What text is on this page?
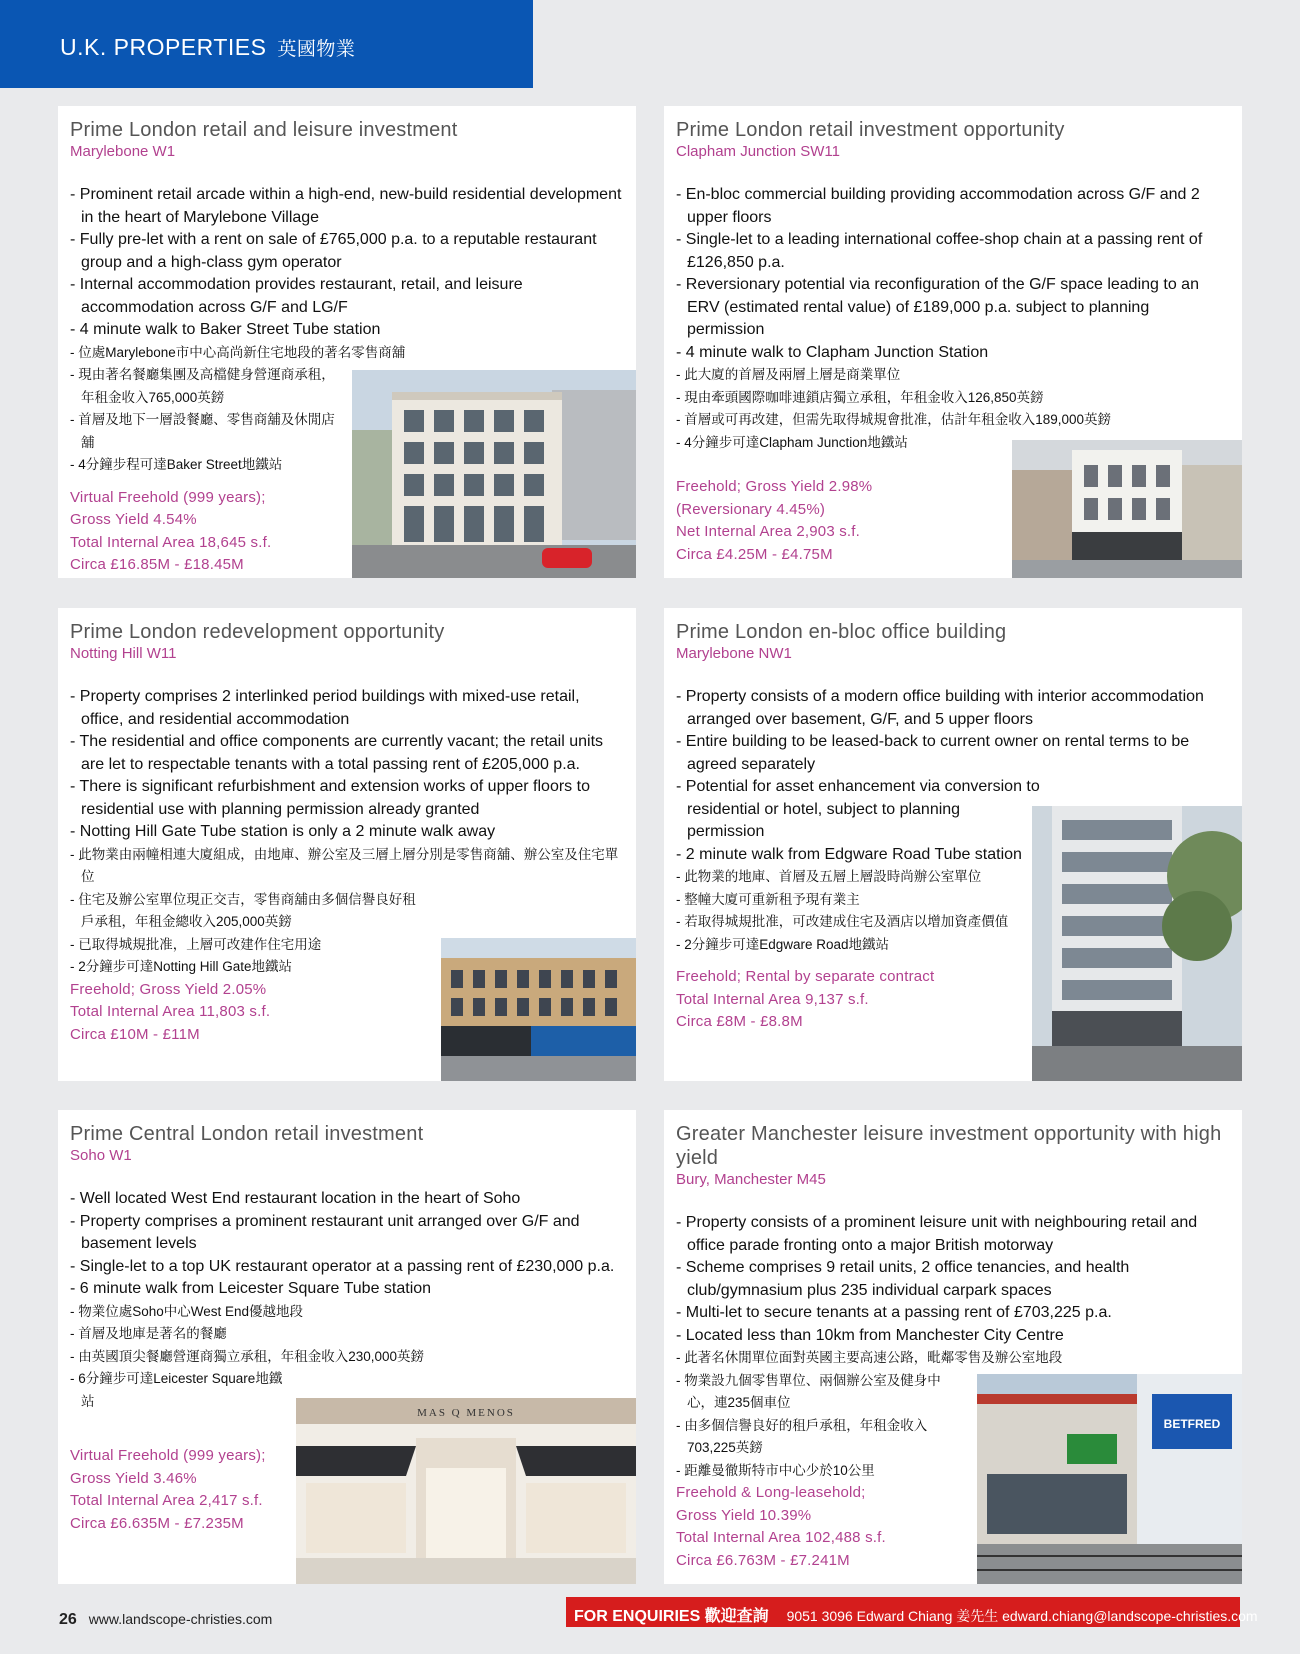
U.K. PROPERTIES 英國物業
Prime London retail and leisure investment
Marylebone W1
- Prominent retail arcade within a high-end, new-build residential development in the heart of Marylebone Village
- Fully pre-let with a rent on sale of £765,000 p.a. to a reputable restaurant group and a high-class gym operator
- Internal accommodation provides restaurant, retail, and leisure accommodation across G/F and LG/F
- 4 minute walk to Baker Street Tube station
- 位處Marylebone市中心高尚新住宅地段的著名零售商舖
- 現由著名餐廳集團及高檔健身營運商承租，年租金收入765,000英鎊
- 首層及地下一層設餐廳、零售商舖及休閒店舖
- 4分鐘步程可達Baker Street地鐵站
Virtual Freehold (999 years);
Gross Yield 4.54%
Total Internal Area 18,645 s.f.
Circa £16.85M - £18.45M
Prime London retail investment opportunity
Clapham Junction SW11
- En-bloc commercial building providing accommodation across G/F and 2 upper floors
- Single-let to a leading international coffee-shop chain at a passing rent of £126,850 p.a.
- Reversionary potential via reconfiguration of the G/F space leading to an ERV (estimated rental value) of £189,000 p.a. subject to planning permission
- 4 minute walk to Clapham Junction Station
- 此大廈的首層及兩層上層是商業單位
- 現由牽頭國際咖啡連鎖店獨立承租，年租金收入126,850英鎊
- 首層或可再改建，但需先取得城規會批准，估計年租金收入189,000英鎊
- 4分鐘步可達Clapham Junction地鐵站
Freehold; Gross Yield 2.98%
(Reversionary 4.45%)
Net Internal Area 2,903 s.f.
Circa £4.25M - £4.75M
Prime London redevelopment opportunity
Notting Hill W11
- Property comprises 2 interlinked period buildings with mixed-use retail, office, and residential accommodation
- The residential and office components are currently vacant; the retail units are let to respectable tenants with a total passing rent of £205,000 p.a.
- There is significant refurbishment and extension works of upper floors to residential use with planning permission already granted
- Notting Hill Gate Tube station is only a 2 minute walk away
- 此物業由兩幢相連大廈組成，由地庫、辦公室及三層上層分別是零售商舖、辦公室及住宅單位
- 住宅及辦公室單位現正交吉，零售商舖由多個信譽良好租戶承租，年租金總收入205,000英鎊
- 已取得城規批准，上層可改建作住宅用途
- 2分鐘步可達Notting Hill Gate地鐵站
Freehold; Gross Yield 2.05%
Total Internal Area 11,803 s.f.
Circa £10M - £11M
Prime London en-bloc office building
Marylebone NW1
- Property consists of a modern office building with interior accommodation arranged over basement, G/F, and 5 upper floors
- Entire building to be leased-back to current owner on rental terms to be agreed separately
- Potential for asset enhancement via conversion to residential or hotel, subject to planning permission
- 2 minute walk from Edgware Road Tube station
- 此物業的地庫、首層及五層上層設時尚辦公室單位
- 整幢大廈可重新租予現有業主
- 若取得城規批准，可改建成住宅及酒店以增加資產價值
- 2分鐘步可達Edgware Road地鐵站
Freehold; Rental by separate contract
Total Internal Area 9,137 s.f.
Circa £8M - £8.8M
Prime Central London retail investment
Soho W1
- Well located West End restaurant location in the heart of Soho
- Property comprises a prominent restaurant unit arranged over G/F and basement levels
- Single-let to a top UK restaurant operator at a passing rent of £230,000 p.a.
- 6 minute walk from Leicester Square Tube station
- 物業位處Soho中心West End優越地段
- 首層及地庫是著名的餐廳
- 由英國頂尖餐廳營運商獨立承租，年租金收入230,000英鎊
- 6分鐘步可達Leicester Square地鐵站
Virtual Freehold (999 years);
Gross Yield 3.46%
Total Internal Area 2,417 s.f.
Circa £6.635M - £7.235M
MAS Q MENOS
Greater Manchester leisure investment opportunity with high yield
Bury, Manchester M45
- Property consists of a prominent leisure unit with neighbouring retail and office parade fronting onto a major British motorway
- Scheme comprises 9 retail units, 2 office tenancies, and health club/gymnasium plus 235 individual carpark spaces
- Multi-let to secure tenants at a passing rent of £703,225 p.a.
- Located less than 10km from Manchester City Centre
- 此著名休閒單位面對英國主要高速公路，毗鄰零售及辦公室地段
- 物業設九個零售單位、兩個辦公室及健身中心，連235個車位
- 由多個信譽良好的租戶承租，年租金收入703,225英鎊
- 距離曼徹斯特市中心少於10公里
Freehold & Long-leasehold;
Gross Yield 10.39%
Total Internal Area 102,488 s.f.
Circa £6.763M - £7.241M
BETFRED
26 www.landscope-christies.com	FOR ENQUIRIES 歡迎查詢 9051 3096 Edward Chiang 姜先生 edward.chiang@landscope-christies.com
